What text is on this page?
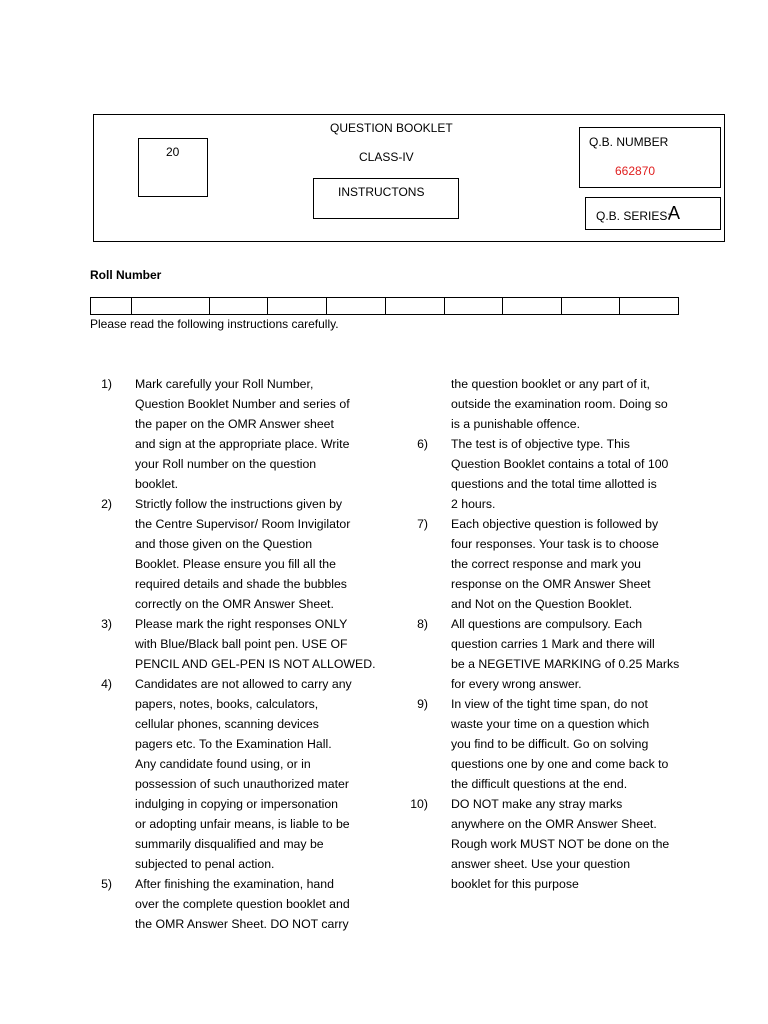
QUESTION BOOKLET
CLASS-IV
20
INSTRUCTONS
Q.B. NUMBER
662870
Q.B. SERIES:
A
Roll Number
Please read the following instructions carefully.
1) Mark carefully your Roll Number,
Question Booklet Number and series of
the paper on the OMR Answer sheet
and sign at the appropriate place. Write
your Roll number on the question
booklet.
2) Strictly follow the instructions given by
the Centre Supervisor/ Room Invigilator
and those given on the Question
Booklet. Please ensure you fill all the
required details and shade the bubbles
correctly on the OMR Answer Sheet.
3) Please mark the right responses ONLY
with Blue/Black ball point pen. USE OF
PENCIL AND GEL-PEN IS NOT ALLOWED.
4) Candidates are not allowed to carry any
papers, notes, books, calculators,
cellular phones, scanning devices
pagers etc. To the Examination Hall.
Any candidate found using, or in
possession of such unauthorized mater
indulging in copying or impersonation
or adopting unfair means, is liable to be
summarily disqualified and may be
subjected to penal action.
5) After finishing the examination, hand
over the complete question booklet and
the OMR Answer Sheet. DO NOT carry
the question booklet or any part of it,
outside the examination room. Doing so
is a punishable offence.
6) The test is of objective type. This
Question Booklet contains a total of 100
questions and the total time allotted is
2 hours.
7) Each objective question is followed by
four responses. Your task is to choose
the correct response and mark you
response on the OMR Answer Sheet
and Not on the Question Booklet.
8) All questions are compulsory. Each
question carries 1 Mark and there will
be a NEGETIVE MARKING of 0.25 Marks
for every wrong answer.
9) In view of the tight time span, do not
waste your time on a question which
you find to be difficult. Go on solving
questions one by one and come back to
the difficult questions at the end.
10) DO NOT make any stray marks
anywhere on the OMR Answer Sheet.
Rough work MUST NOT be done on the
answer sheet. Use your question
booklet for this purpose
